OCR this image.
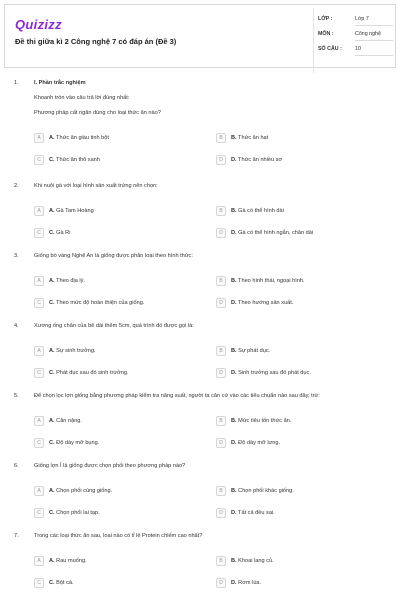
Quizizz
Đề thi giữa kì 2 Công nghệ 7 có đáp án (Đề 3)
LỚP :	Lớp 7
MÔN :	Công nghệ
SỐ CÂU :	10
1.	I. Phần trắc nghiệm
Khoanh tròn vào câu trả lời đúng nhất:
Phương pháp cất ngăn dùng cho loại thức ăn nào?
A	A. Thức ăn giàu tinh bột	B	B. Thức ăn hạt
C	C. Thức ăn thô xanh	D	D. Thức ăn nhiều sơ
2.	Khi nuôi gà với loại hình sản xuất trứng nên chọn:
A	A. Gà Tam Hoàng	B	B. Gà có thể hình dài
C	C. Gà Ri	D	D. Gà có thể hình ngắn, chân dài
3.	Giống bò vàng Nghệ An là giống được phân loại theo hình thức:
A	A. Theo địa lý.	B	B. Theo hình thái, ngoại hình.
C	C. Theo mức độ hoàn thiện của giống.	D	D. Theo hướng sản xuất.
4.	Xương ống chân của bê dài thêm 5cm, quá trình đó được gọi là:
A	A. Sự sinh trưởng.	B	B. Sự phát dục.
C	C. Phát dục sau đó sinh trưởng.	D	D. Sinh trưởng sau đó phát dục.
5.	Để chọn lọc lợn giống bằng phương pháp kiểm tra năng suất, người ta căn cứ vào các tiêu chuẩn nào sau đây, trừ:
A	A. Cân nặng.	B	B. Mức tiêu tốn thức ăn.
C	C. Độ dày mỡ bụng.	D	D. Độ dày mỡ lưng.
6.	Giống lợn Ỉ là giống được chọn phối theo phương pháp nào?
A	A. Chọn phối cùng giống.	B	B. Chọn phối khác giống.
C	C. Chọn phối lai tạp.	D	D. Tất cả đều sai.
7.	Trong các loại thức ăn sau, loại nào có tỉ lệ Protein chiếm cao nhất?
A	A. Rau muống.	B	B. Khoai lang củ.
C	C. Bột cá.	D	D. Rơm lúa.
